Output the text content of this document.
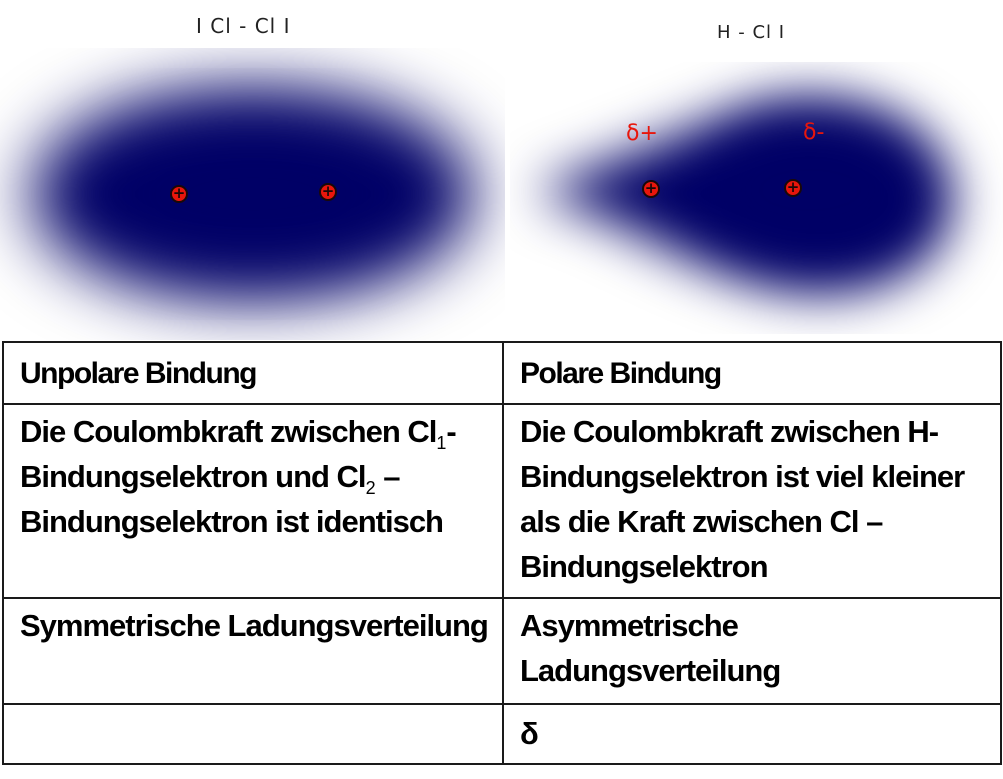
I Cl - Cl I	H - Cl I
+	+	+	+
δ+	δ-
Unpolare Bindung	Polare Bindung
Die Coulombkraft zwischen $Cl_1-$ Bindungselektron und $Cl_2$ – Bindungselektron ist identisch	Die Coulombkraft zwischen H-Bindungselektron ist viel kleiner als die Kraft zwischen Cl – Bindungselektron
Symmetrische Ladungsverteilung	Asymmetrische Ladungsverteilung
	δ
